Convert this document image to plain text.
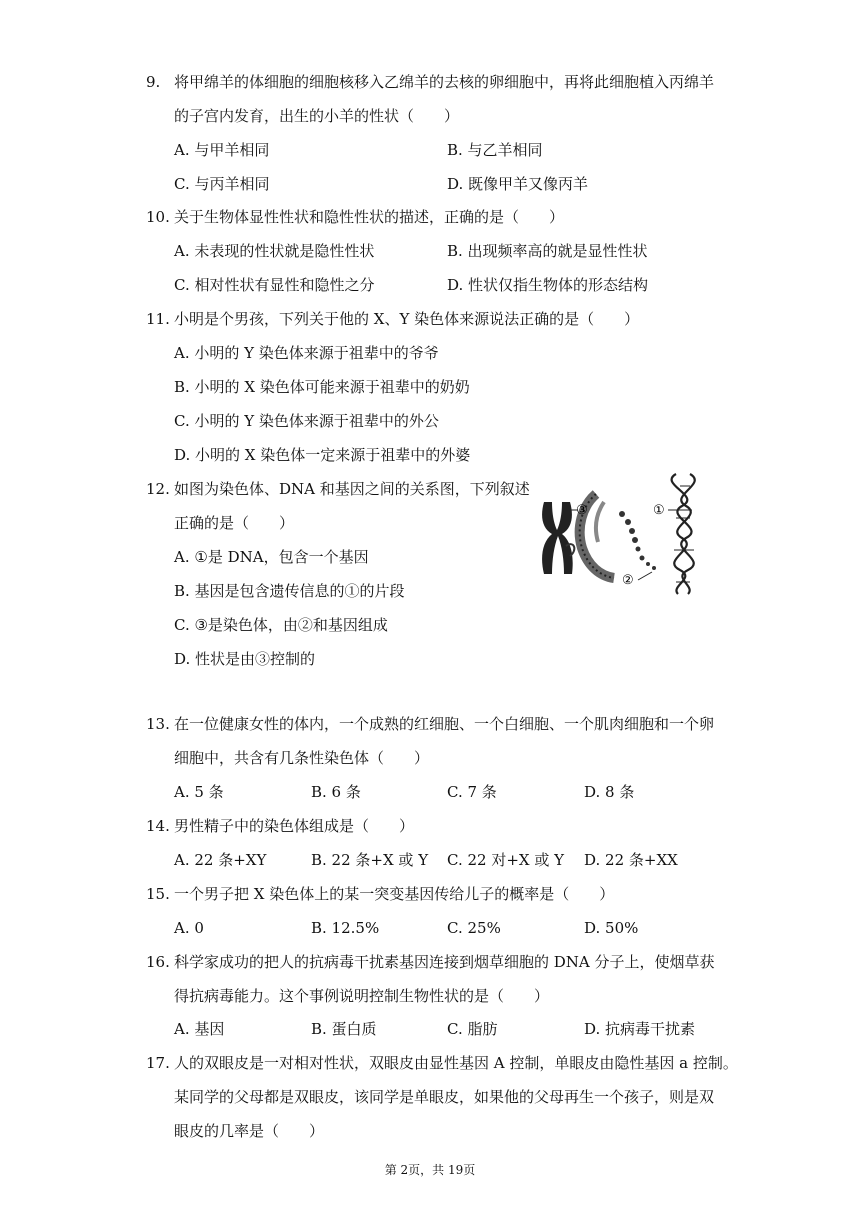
9. 将甲绵羊的体细胞的细胞核移入乙绵羊的去核的卵细胞中，再将此细胞植入丙绵羊
的子宫内发育，出生的小羊的性状（　　）
A. 与甲羊相同	B. 与乙羊相同
C. 与丙羊相同	D. 既像甲羊又像丙羊
10. 关于生物体显性性状和隐性性状的描述，正确的是（　　）
A. 未表现的性状就是隐性性状	B. 出现频率高的就是显性性状
C. 相对性状有显性和隐性之分	D. 性状仅指生物体的形态结构
11. 小明是个男孩，下列关于他的 X、Y 染色体来源说法正确的是（　　）
A. 小明的 Y 染色体来源于祖辈中的爷爷
B. 小明的 X 染色体可能来源于祖辈中的奶奶
C. 小明的 Y 染色体来源于祖辈中的外公
D. 小明的 X 染色体一定来源于祖辈中的外婆
12. 如图为染色体、DNA 和基因之间的关系图，下列叙述
正确的是（　　）
A. ①是 DNA，包含一个基因
B. 基因是包含遗传信息的①的片段
C. ③是染色体，由②和基因组成
D. 性状是由③控制的
①
②
③
13. 在一位健康女性的体内，一个成熟的红细胞、一个白细胞、一个肌肉细胞和一个卵
细胞中，共含有几条性染色体（　　）
A. 5 条	B. 6 条	C. 7 条	D. 8 条
14. 男性精子中的染色体组成是（　　）
A. 22 条+XY	B. 22 条+X 或 Y C. 22 对+X 或 Y D. 22 条+XX
15. 一个男子把 X 染色体上的某一突变基因传给儿子的概率是（　　）
A. 0	B. 12.5%	C. 25%	D. 50%
16. 科学家成功的把人的抗病毒干扰素基因连接到烟草细胞的 DNA 分子上，使烟草获
得抗病毒能力。这个事例说明控制生物性状的是（　　）
A. 基因	B. 蛋白质	C. 脂肪	D. 抗病毒干扰素
17. 人的双眼皮是一对相对性状，双眼皮由显性基因 A 控制，单眼皮由隐性基因 a 控制。
某同学的父母都是双眼皮，该同学是单眼皮，如果他的父母再生一个孩子，则是双
眼皮的几率是（　　）
第 2页，共 19页
